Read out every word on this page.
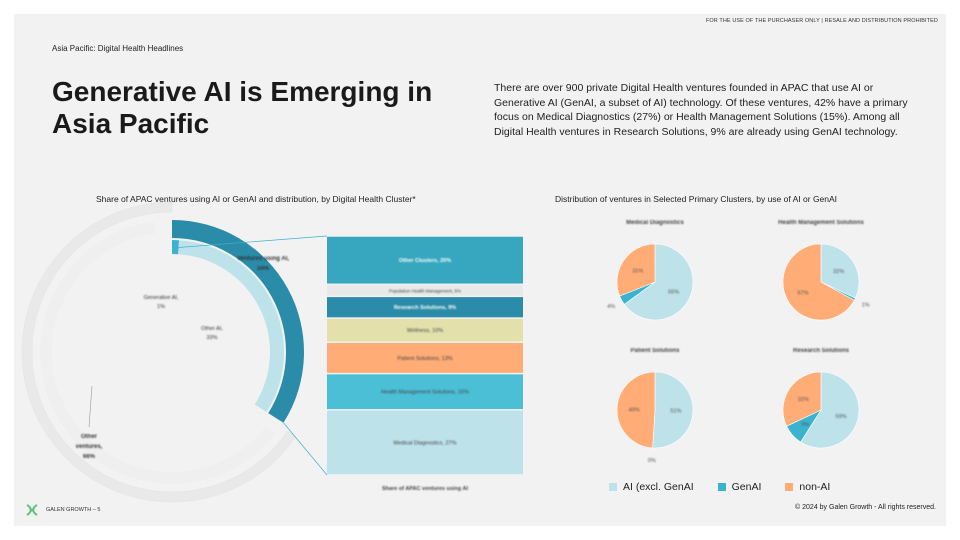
FOR THE USE OF THE PURCHASER ONLY | RESALE AND DISTRIBUTION PROHIBITED
Asia Pacific: Digital Health Headlines
Generative AI is Emerging in Asia Pacific
There are over 900 private Digital Health ventures founded in APAC that use AI or Generative AI (GenAI, a subset of AI) technology. Of these ventures, 42% have a primary focus on Medical Diagnostics (27%) or Health Management Solutions (15%). Among all Digital Health ventures in Research Solutions, 9% are already using GenAI technology.
Share of APAC ventures using AI or GenAI and distribution, by Digital Health Cluster*	Distribution of ventures in Selected Primary Clusters, by use of AI or GenAI
Ventures using AI,
34%
Generative AI,
1%
Other AI,
33%
Other
ventures,
66%
Medical Diagnostics, 27%
Health Management Solutions, 15%
Patient Solutions, 13%
Wellness, 10%
Research Solutions, 9%
Population Health Management, 5%
Other Clusters, 20%
Share of APAC ventures using AI
Medical Diagnostics
65%
4%
31%
Health Management Solutions
32%
1%
67%
Patient Solutions
51%
0%
49%
Research Solutions
59%
9%
32%
AI (excl. GenAI	GenAI	non-AI
GALEN GROWTH – 5	© 2024 by Galen Growth - All rights reserved.
